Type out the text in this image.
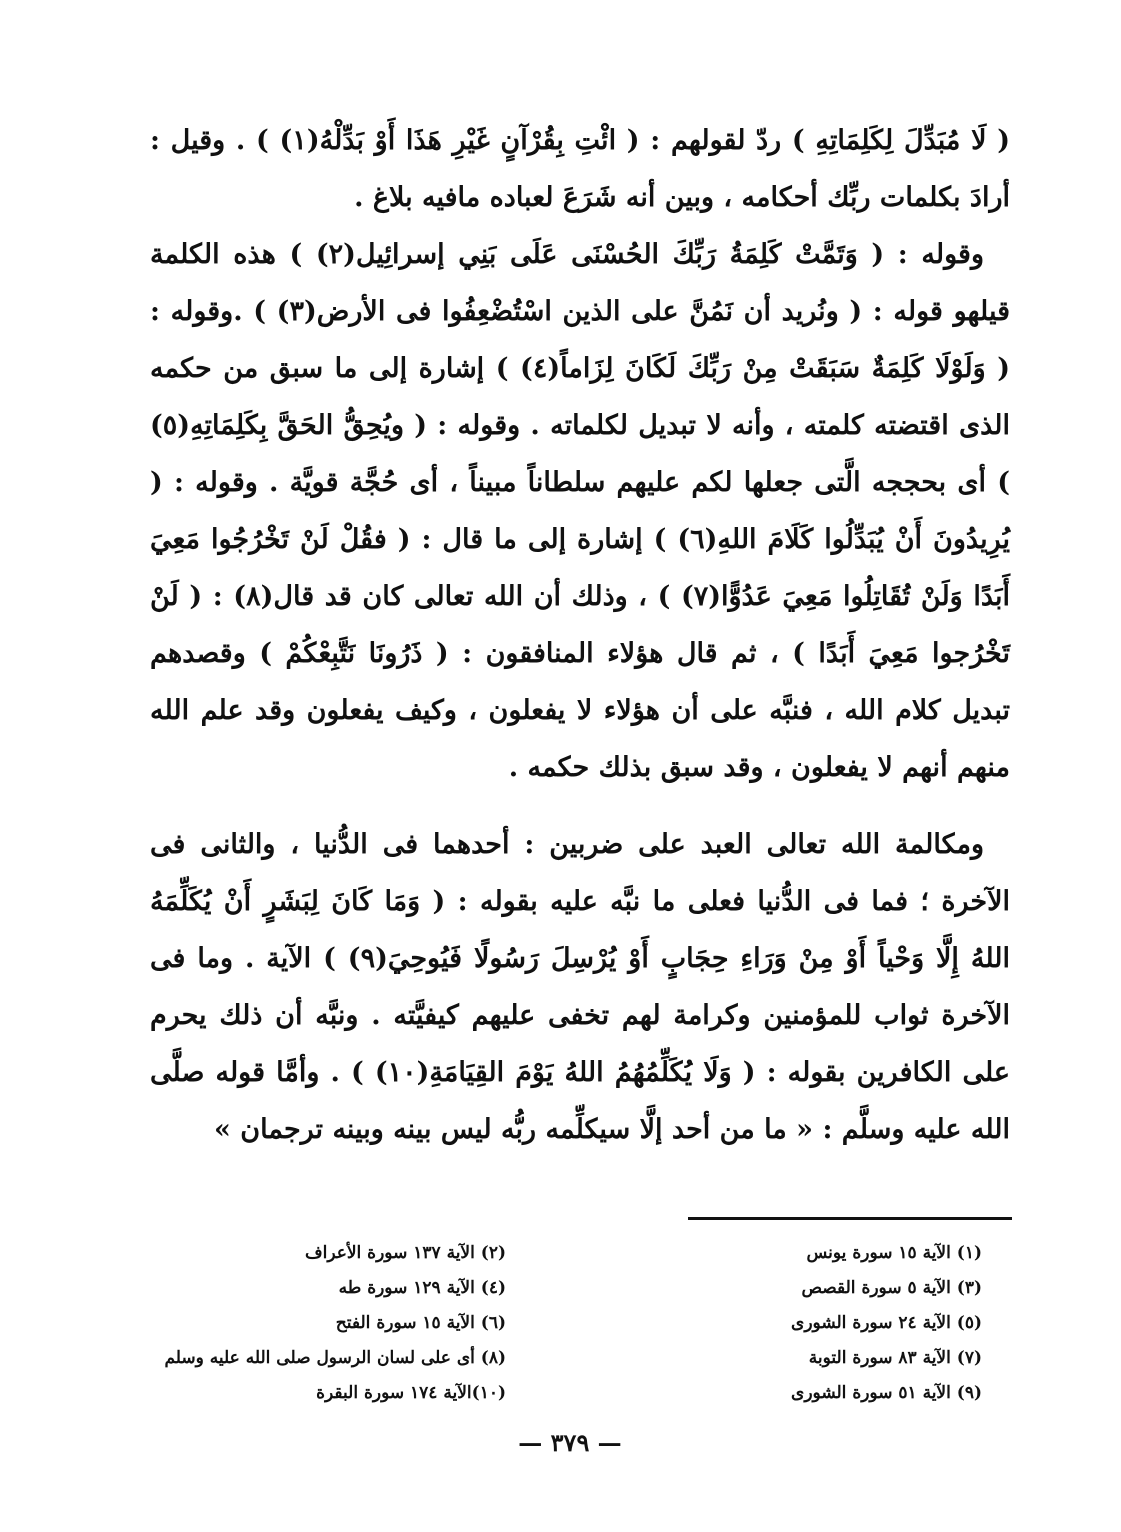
( لَا مُبَدِّلَ لِكَلِمَاتِهِ ) ردّ لقولهم : ( ائْتِ بِقُرْآنٍ غَيْرِ هَذَا أَوْ بَدِّلْهُ(١) ) . وقيل : أرادَ بكلمات ربِّك أحكامه ، وبين أنه شَرَعَ لعباده مافيه بلاغ .

وقوله : ( وَتَمَّتْ كَلِمَةُ رَبِّكَ الحُسْنَى عَلَى بَنِي إسرائِيل(٢) ) هذه الكلمة قيلهو قوله : ( ونُريد أن نَمُنَّ على الذين اسْتُضْعِفُوا فى الأرض(٣) ) .وقوله : ( وَلَوْلَا كَلِمَةٌ سَبَقَتْ مِنْ رَبِّكَ لَكَانَ لِزَاماً(٤) ) إشارة إلى ما سبق من حكمه الذى اقتضته كلمته ، وأنه لا تبديل لكلماته . وقوله : ( ويُحِقُّ الحَقَّ بِكَلِمَاتِهِ(٥) ) أى بحججه الَّتى جعلها لكم عليهم سلطاناً مبيناً ، أى حُجَّة قويَّة . وقوله : ( يُرِيدُونَ أَنْ يُبَدِّلُوا كَلَامَ اللهِ(٦) ) إشارة إلى ما قال : ( فقُلْ لَنْ تَخْرُجُوا مَعِيَ أَبَدًا وَلَنْ تُقَاتِلُوا مَعِيَ عَدُوًّا(٧) ) ، وذلك أن الله تعالى كان قد قال(٨) : ( لَنْ تَخْرُجوا مَعِيَ أَبَدًا ) ، ثم قال هؤلاء المنافقون : ( ذَرُونَا نَتَّبِعْكُمْ ) وقصدهم تبديل كلام الله ، فنبَّه على أن هؤلاء لا يفعلون ، وكيف يفعلون وقد علم الله منهم أنهم لا يفعلون ، وقد سبق بذلك حكمه .

ومكالمة الله تعالى العبد على ضربين : أحدهما فى الدُّنيا ، والثانى فى الآخرة ؛ فما فى الدُّنيا فعلى ما نبَّه عليه بقوله : ( وَمَا كَانَ لِبَشَرٍ أَنْ يُكَلِّمَهُ اللهُ إِلَّا وَحْياً أَوْ مِنْ وَرَاءِ حِجَابٍ أَوْ يُرْسِلَ رَسُولًا فَيُوحِيَ(٩) ) الآية . وما فى الآخرة ثواب للمؤمنين وكرامة لهم تخفى عليهم كيفيَّته . ونبَّه أن ذلك يحرم على الكافرين بقوله : ( وَلَا يُكَلِّمُهُمُ اللهُ يَوْمَ القِيَامَةِ(١٠) ) . وأمَّا قوله صلَّى الله عليه وسلَّم : « ما من أحد إلَّا سيكلِّمه ربُّه ليس بينه وبينه ترجمان »

(١) الآية ١٥ سورة يونس
(٣) الآية ٥ سورة القصص
(٥) الآية ٢٤ سورة الشورى
(٧) الآية ٨٣ سورة التوبة
(٩) الآية ٥١ سورة الشورى
(٢) الآية ١٣٧ سورة الأعراف
(٤) الآية ١٢٩ سورة طه
(٦) الآية ١٥ سورة الفتح
(٨) أى على لسان الرسول صلى الله عليه وسلم
(١٠)الآية ١٧٤ سورة البقرة
— ٣٧٩ —
